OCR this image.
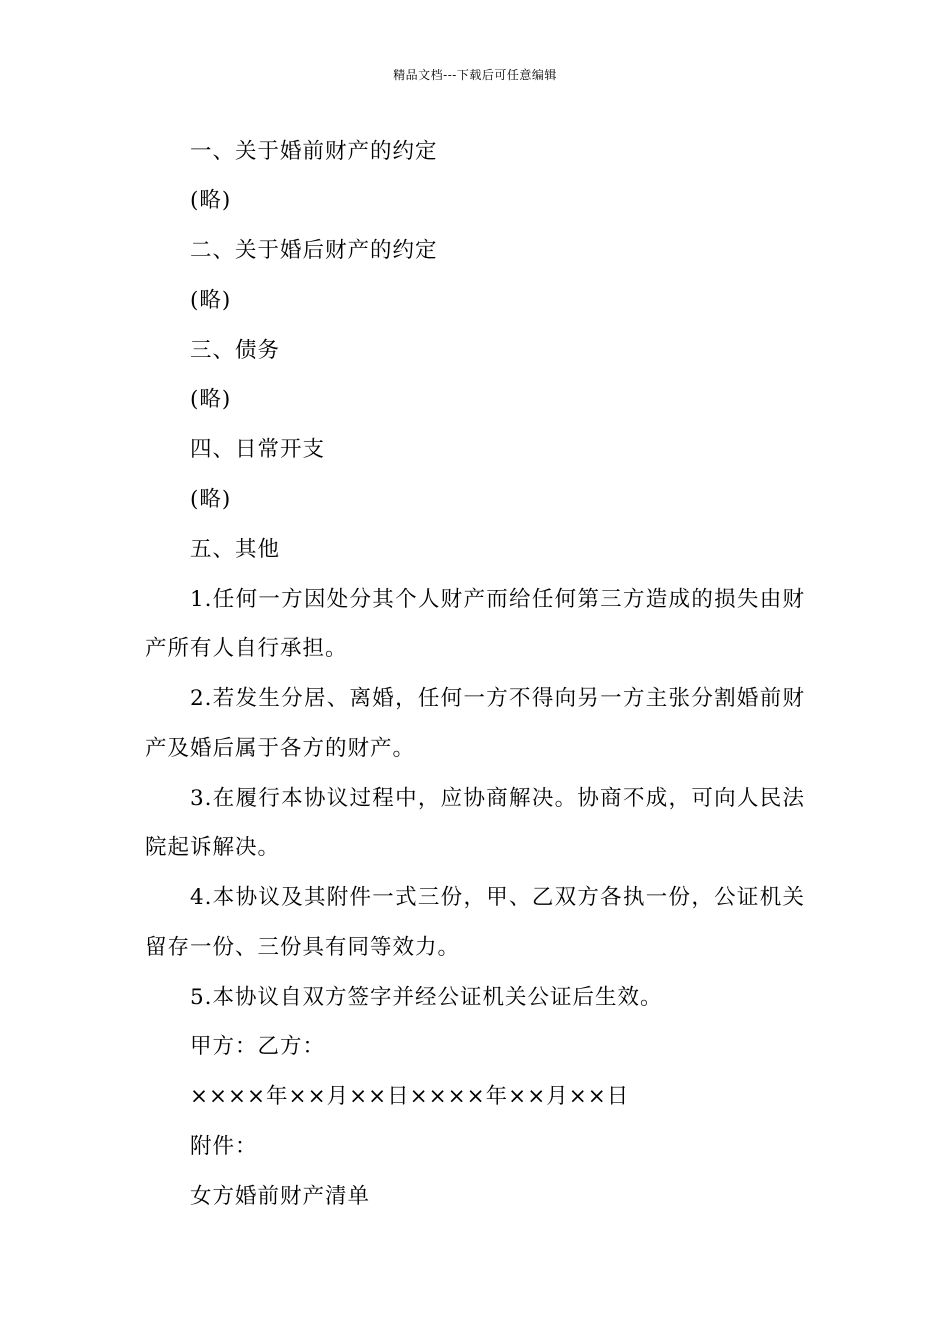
精品文档---下载后可任意编辑
一、关于婚前财产的约定
(略)
二、关于婚后财产的约定
(略)
三、债务
(略)
四、日常开支
(略)
五、其他
1.任何一方因处分其个人财产而给任何第三方造成的损失由财
产所有人自行承担。
2.若发生分居、离婚，任何一方不得向另一方主张分割婚前财
产及婚后属于各方的财产。
3.在履行本协议过程中，应协商解决。协商不成，可向人民法
院起诉解决。
4.本协议及其附件一式三份，甲、乙双方各执一份，公证机关
留存一份、三份具有同等效力。
5.本协议自双方签字并经公证机关公证后生效。
甲方：乙方：
××××年××月××日××××年××月××日
附件：
女方婚前财产清单
